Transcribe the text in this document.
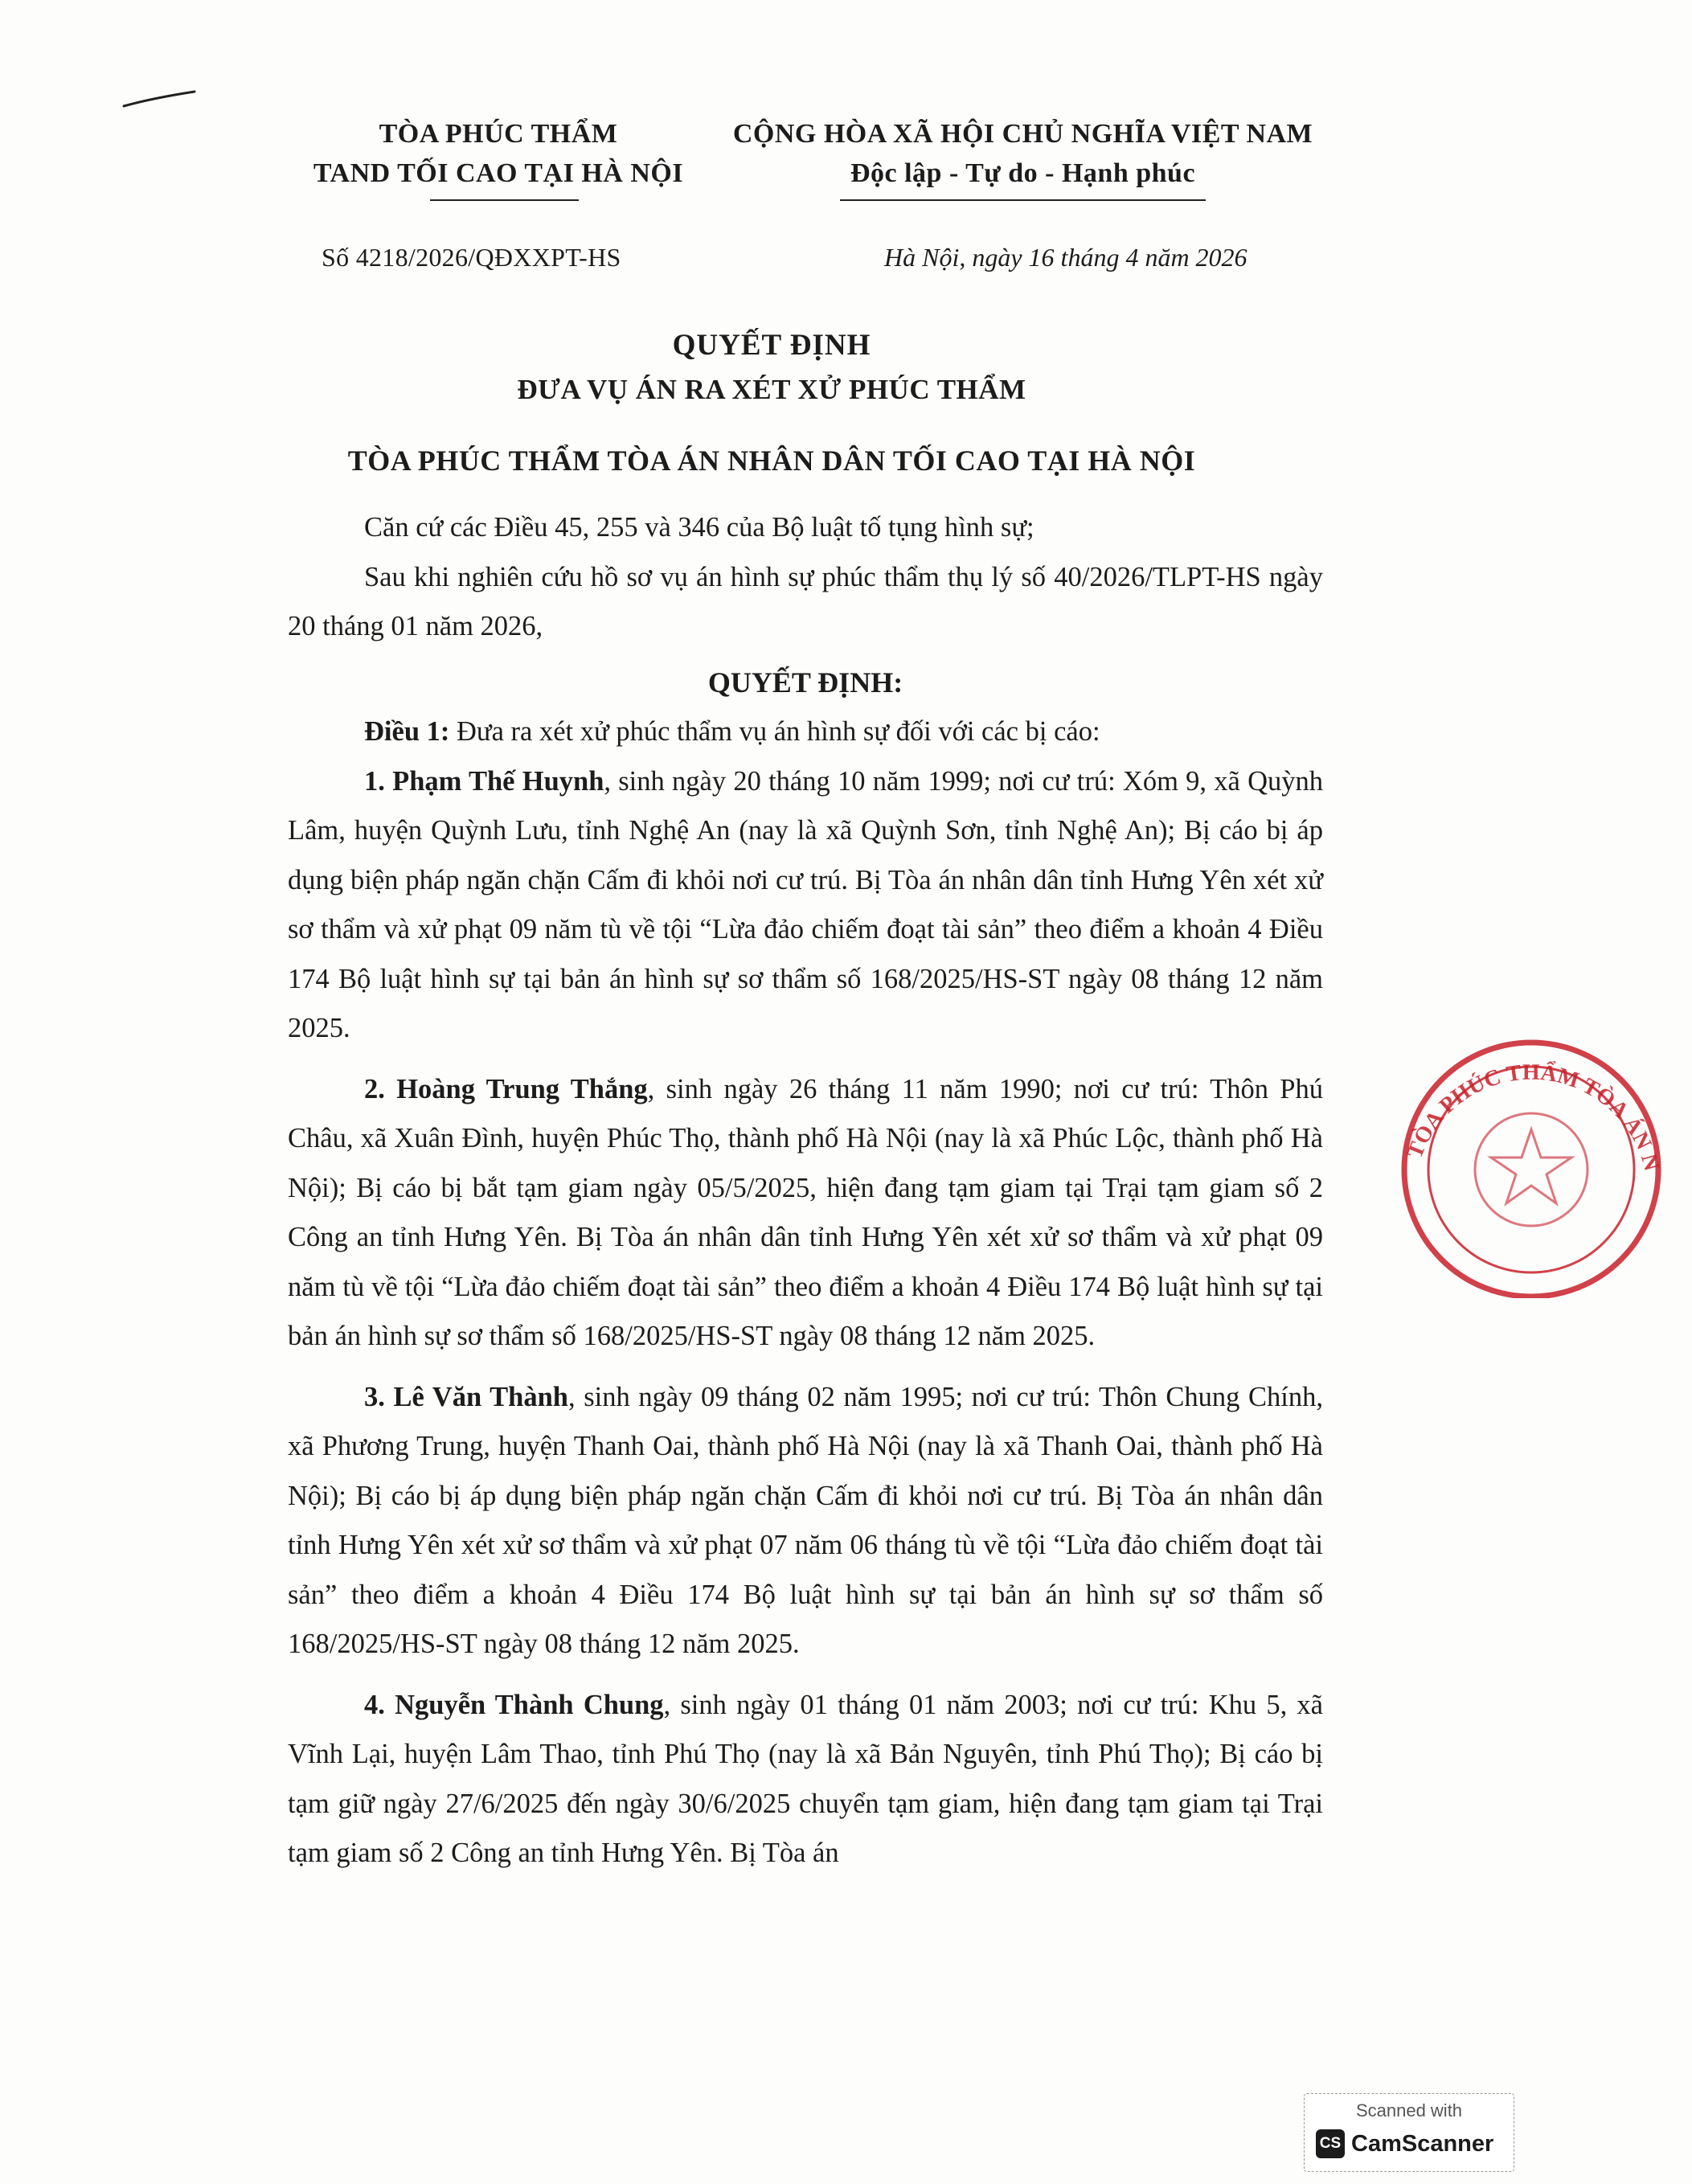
TÒA PHÚC THẨM
TAND TỐI CAO TẠI HÀ NỘI
Số 4218/2026/QĐXXPT-HS
CỘNG HÒA XÃ HỘI CHỦ NGHĨA VIỆT NAM
Độc lập - Tự do - Hạnh phúc
Hà Nội, ngày 16 tháng 4 năm 2026
QUYẾT ĐỊNH
ĐƯA VỤ ÁN RA XÉT XỬ PHÚC THẨM
TÒA PHÚC THẨM TÒA ÁN NHÂN DÂN TỐI CAO TẠI HÀ NỘI

Căn cứ các Điều 45, 255 và 346 của Bộ luật tố tụng hình sự;

Sau khi nghiên cứu hồ sơ vụ án hình sự phúc thẩm thụ lý số 40/2026/TLPT-HS ngày 20 tháng 01 năm 2026,

QUYẾT ĐỊNH:

Điều 1: Đưa ra xét xử phúc thẩm vụ án hình sự đối với các bị cáo:

1. Phạm Thế Huynh, sinh ngày 20 tháng 10 năm 1999; nơi cư trú: Xóm 9, xã Quỳnh Lâm, huyện Quỳnh Lưu, tỉnh Nghệ An (nay là xã Quỳnh Sơn, tỉnh Nghệ An); Bị cáo bị áp dụng biện pháp ngăn chặn Cấm đi khỏi nơi cư trú. Bị Tòa án nhân dân tỉnh Hưng Yên xét xử sơ thẩm và xử phạt 09 năm tù về tội “Lừa đảo chiếm đoạt tài sản” theo điểm a khoản 4 Điều 174 Bộ luật hình sự tại bản án hình sự sơ thẩm số 168/2025/HS-ST ngày 08 tháng 12 năm 2025.

2. Hoàng Trung Thắng, sinh ngày 26 tháng 11 năm 1990; nơi cư trú: Thôn Phú Châu, xã Xuân Đình, huyện Phúc Thọ, thành phố Hà Nội (nay là xã Phúc Lộc, thành phố Hà Nội); Bị cáo bị bắt tạm giam ngày 05/5/2025, hiện đang tạm giam tại Trại tạm giam số 2 Công an tỉnh Hưng Yên. Bị Tòa án nhân dân tỉnh Hưng Yên xét xử sơ thẩm và xử phạt 09 năm tù về tội “Lừa đảo chiếm đoạt tài sản” theo điểm a khoản 4 Điều 174 Bộ luật hình sự tại bản án hình sự sơ thẩm số 168/2025/HS-ST ngày 08 tháng 12 năm 2025.

3. Lê Văn Thành, sinh ngày 09 tháng 02 năm 1995; nơi cư trú: Thôn Chung Chính, xã Phương Trung, huyện Thanh Oai, thành phố Hà Nội (nay là xã Thanh Oai, thành phố Hà Nội); Bị cáo bị áp dụng biện pháp ngăn chặn Cấm đi khỏi nơi cư trú. Bị Tòa án nhân dân tỉnh Hưng Yên xét xử sơ thẩm và xử phạt 07 năm 06 tháng tù về tội “Lừa đảo chiếm đoạt tài sản” theo điểm a khoản 4 Điều 174 Bộ luật hình sự tại bản án hình sự sơ thẩm số 168/2025/HS-ST ngày 08 tháng 12 năm 2025.

4. Nguyễn Thành Chung, sinh ngày 01 tháng 01 năm 2003; nơi cư trú: Khu 5, xã Vĩnh Lại, huyện Lâm Thao, tỉnh Phú Thọ (nay là xã Bản Nguyên, tỉnh Phú Thọ); Bị cáo bị tạm giữ ngày 27/6/2025 đến ngày 30/6/2025 chuyển tạm giam, hiện đang tạm giam tại Trại tạm giam số 2 Công an tỉnh Hưng Yên. Bị Tòa án

TÒA PHÚC THẨM TÒA ÁN N
Scanned with
CS CamScanner
